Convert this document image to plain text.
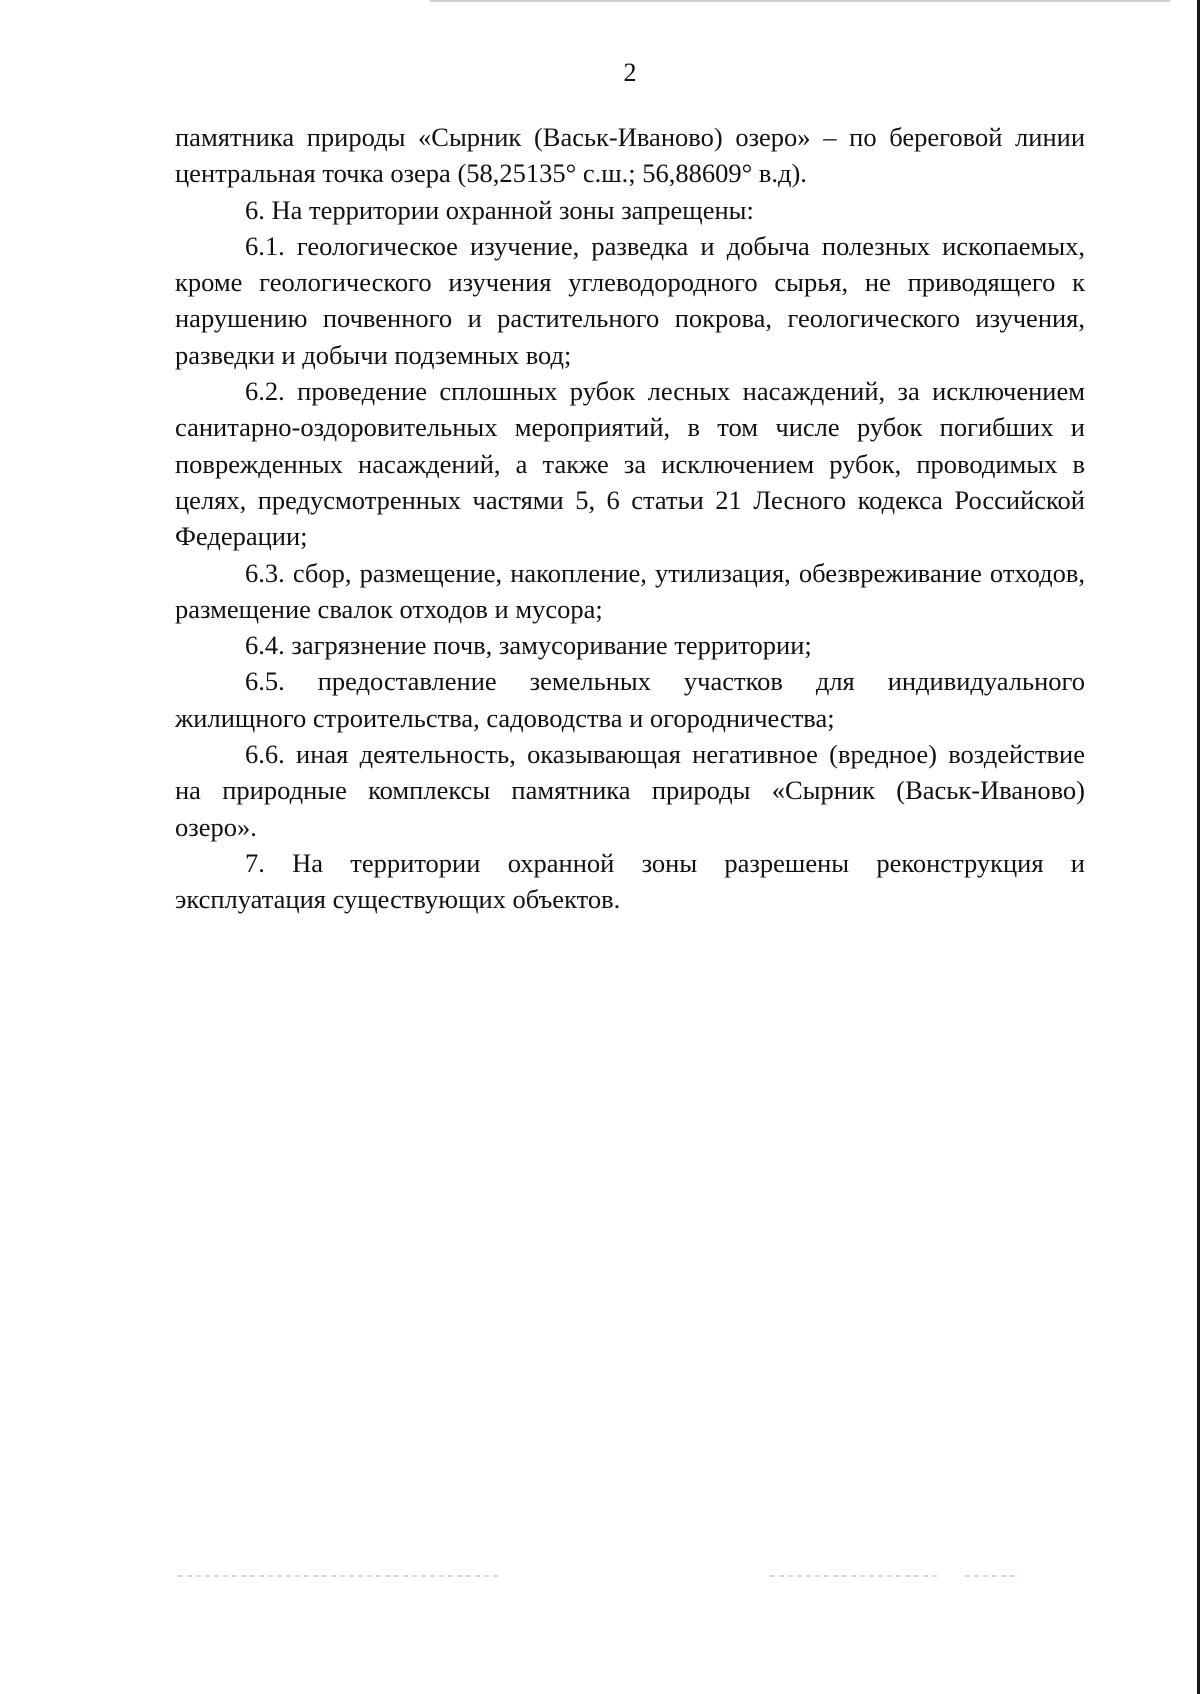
2

памятника природы «Сырник (Васьк-Иваново) озеро» – по береговой линии центральная точка озера (58,25135° с.ш.; 56,88609° в.д).

6. На территории охранной зоны запрещены:

6.1. геологическое изучение, разведка и добыча полезных ископаемых, кроме геологического изучения углеводородного сырья, не приводящего к нарушению почвенного и растительного покрова, геологического изучения, разведки и добычи подземных вод;

6.2. проведение сплошных рубок лесных насаждений, за исключением санитарно-оздоровительных мероприятий, в том числе рубок погибших и поврежденных насаждений, а также за исключением рубок, проводимых в целях, предусмотренных частями 5, 6 статьи 21 Лесного кодекса Российской Федерации;

6.3. сбор, размещение, накопление, утилизация, обезвреживание отходов, размещение свалок отходов и мусора;

6.4. загрязнение почв, замусоривание территории;

6.5. предоставление земельных участков для индивидуального жилищного строительства, садоводства и огородничества;

6.6. иная деятельность, оказывающая негативное (вредное) воздействие на природные комплексы памятника природы «Сырник (Васьк-Иваново) озеро».

7. На территории охранной зоны разрешены реконструкция и эксплуатация существующих объектов.
